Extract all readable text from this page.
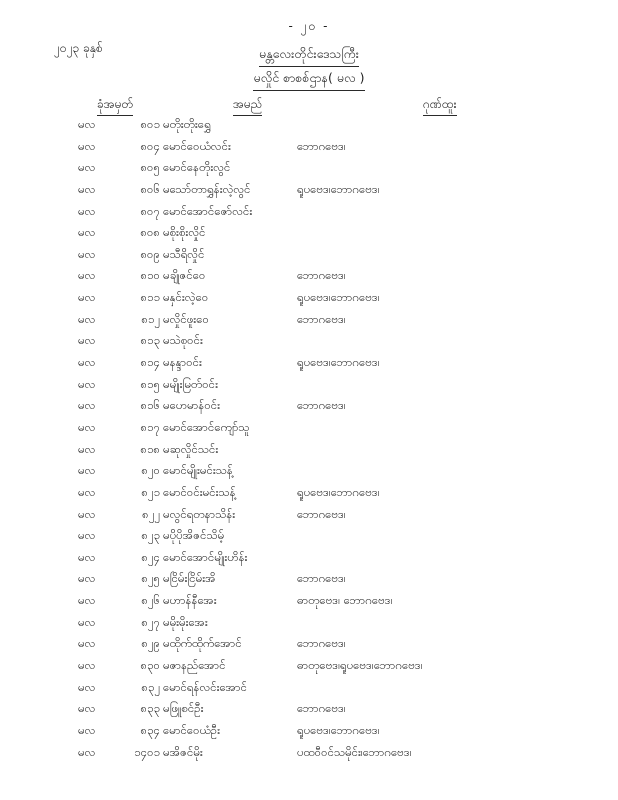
- ၂၀ -
၂၀၂၃ ခုနှစ်	မန္တလေးတိုင်းဒေသကြီး
မလှိုင် စာစစ်ဌာန( မလ )
ခုံအမှတ်	အမည်	ဂုဏ်ထူး
မလ	၈၀၁ မတိုးတိုးရွှေ
မလ	၈၀၄ မောင်ဝေယံလင်း	ဘောဂဗေဒ၊
မလ	၈၀၅ မောင်နေတိုးလွင်
မလ	၈၀၆ မသော်တာရွှန်းလဲ့လွင်	ရူပဗေဒ၊ဘောဂဗေဒ၊
မလ	၈၀၇ မောင်အောင်ဇော်လင်း
မလ	၈၀၈ မစိုးစိုးလှိုင်
မလ	၈၀၉ မသီရိလှိုင်
မလ	၈၁၀ မချိုဇင်ဝေ	ဘောဂဗေဒ၊
မလ	၈၁၁ မနှင်းလဲ့ဝေ	ရူပဗေဒ၊ဘောဂဗေဒ၊
မလ	၈၁၂ မလှိုင်ဖူးဝေ	ဘောဂဗေဒ၊
မလ	၈၁၃ မသဲစုဝင်း
မလ	၈၁၄ မနန္ဒာဝင်း	ရူပဗေဒ၊ဘောဂဗေဒ၊
မလ	၈၁၅ မမျိုးမြတ်ဝင်း
မလ	၈၁၆ မဟေမာန်ဝင်း	ဘောဂဗေဒ၊
မလ	၈၁၇ မောင်အောင်ကျော်သူ
မလ	၈၁၈ မဆုလှိုင်သင်း
မလ	၈၂၀ မောင်မျိုးမင်းသန့်
မလ	၈၂၁ မောင်ဝင်းမင်းသန့်	ရူပဗေဒ၊ဘောဂဗေဒ၊
မလ	၈၂၂ မလွင်ရတနာသိန်း	ဘောဂဗေဒ၊
မလ	၈၂၃ မပိုပိုအိဇင်သိမ့်
မလ	၈၂၄ မောင်အောင်မျိုးဟိန်း
မလ	၈၂၅ မငြိမ်းငြိမ်းအိ	ဘောဂဗေဒ၊
မလ	၈၂၆ မဟာန်နီအေး	ဓာတုဗေဒ၊ ဘောဂဗေဒ၊
မလ	၈၂၇ မမိုးမိုးအေး
မလ	၈၂၉ မထိုက်ထိုက်အောင်	ဘောဂဗေဒ၊
မလ	၈၃၀ မဇာနည်အောင်	ဓာတုဗေဒ၊ရူပဗေဒ၊ဘောဂဗေဒ၊
မလ	၈၃၂ မောင်ရန်လင်းအောင်
မလ	၈၃၃ မဖြူစင်ဦး	ဘောဂဗေဒ၊
မလ	၈၃၄ မောင်ဝေယံဦး	ရူပဗေဒ၊ဘောဂဗေဒ၊
မလ	၁၄၀၁ မအိဇင်မိုး	ပထဝီဝင်သမိုင်း၊ဘောဂဗေဒ၊
